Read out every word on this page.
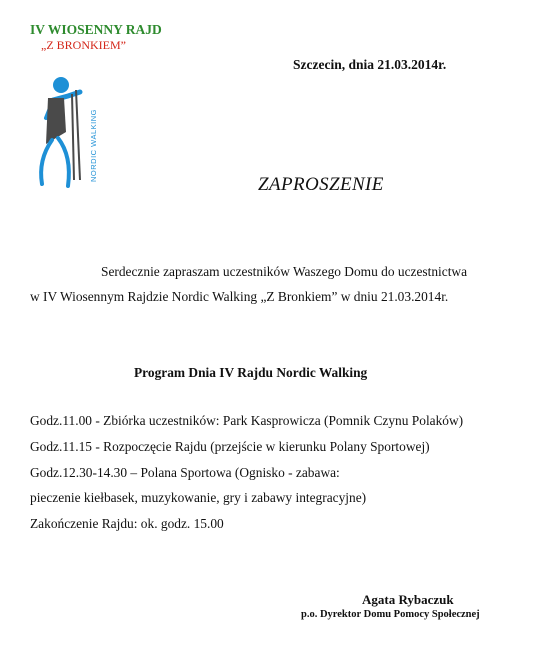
IV WIOSENNY RAJD
„Z BRONKIEM”
NORDIC WALKING
Szczecin, dnia 21.03.2014r.
ZAPROSZENIE
Serdecznie zapraszam uczestników Waszego Domu do uczestnictwa
w IV Wiosennym Rajdzie Nordic Walking „Z Bronkiem” w dniu 21.03.2014r.
Program Dnia IV Rajdu Nordic Walking
Godz.11.00 - Zbiórka uczestników: Park Kasprowicza (Pomnik Czynu Polaków)
Godz.11.15 - Rozpoczęcie Rajdu (przejście w kierunku Polany Sportowej)
Godz.12.30-14.30 – Polana Sportowa (Ognisko - zabawa:
pieczenie kiełbasek, muzykowanie, gry i zabawy integracyjne)
Zakończenie Rajdu: ok. godz. 15.00
Agata Rybaczuk
p.o. Dyrektor Domu Pomocy Społecznej
